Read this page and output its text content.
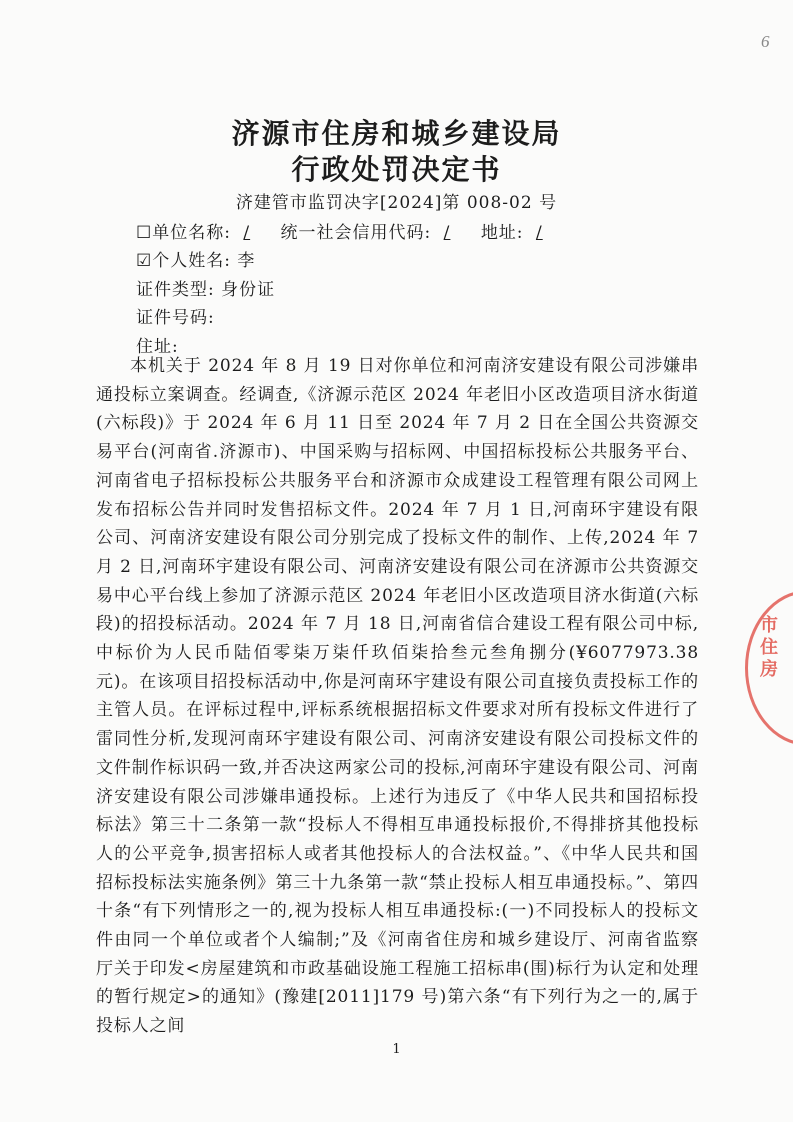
6
济源市住房和城乡建设局
行政处罚决定书
济建管市监罚决字[2024]第 008-02 号
☐单位名称: / 统一社会信用代码: / 地址: /
☑个人姓名: 李
证件类型: 身份证
证件号码:
住址:
本机关于 2024 年 8 月 19 日对你单位和河南济安建设有限公司涉嫌串通投标立案调查。经调查,《济源示范区 2024 年老旧小区改造项目济水街道(六标段)》于 2024 年 6 月 11 日至 2024 年 7 月 2 日在全国公共资源交易平台(河南省.济源市)、中国采购与招标网、中国招标投标公共服务平台、河南省电子招标投标公共服务平台和济源市众成建设工程管理有限公司网上发布招标公告并同时发售招标文件。2024 年 7 月 1 日,河南环宇建设有限公司、河南济安建设有限公司分别完成了投标文件的制作、上传,2024 年 7 月 2 日,河南环宇建设有限公司、河南济安建设有限公司在济源市公共资源交易中心平台线上参加了济源示范区 2024 年老旧小区改造项目济水街道(六标段)的招投标活动。2024 年 7 月 18 日,河南省信合建设工程有限公司中标,中标价为人民币陆佰零柒万柒仟玖佰柒拾叁元叁角捌分(¥6077973.38 元)。在该项目招投标活动中,你是河南环宇建设有限公司直接负责投标工作的主管人员。在评标过程中,评标系统根据招标文件要求对所有投标文件进行了雷同性分析,发现河南环宇建设有限公司、河南济安建设有限公司投标文件的文件制作标识码一致,并否决这两家公司的投标,河南环宇建设有限公司、河南济安建设有限公司涉嫌串通投标。上述行为违反了《中华人民共和国招标投标法》第三十二条第一款“投标人不得相互串通投标报价,不得排挤其他投标人的公平竞争,损害招标人或者其他投标人的合法权益。”、《中华人民共和国招标投标法实施条例》第三十九条第一款“禁止投标人相互串通投标。”、第四十条“有下列情形之一的,视为投标人相互串通投标:(一)不同投标人的投标文件由同一个单位或者个人编制;”及《河南省住房和城乡建设厅、河南省监察厅关于印发<房屋建筑和市政基础设施工程施工招标串(围)标行为认定和处理的暂行规定>的通知》(豫建[2011]179 号)第六条“有下列行为之一的,属于投标人之间
市住房
1
